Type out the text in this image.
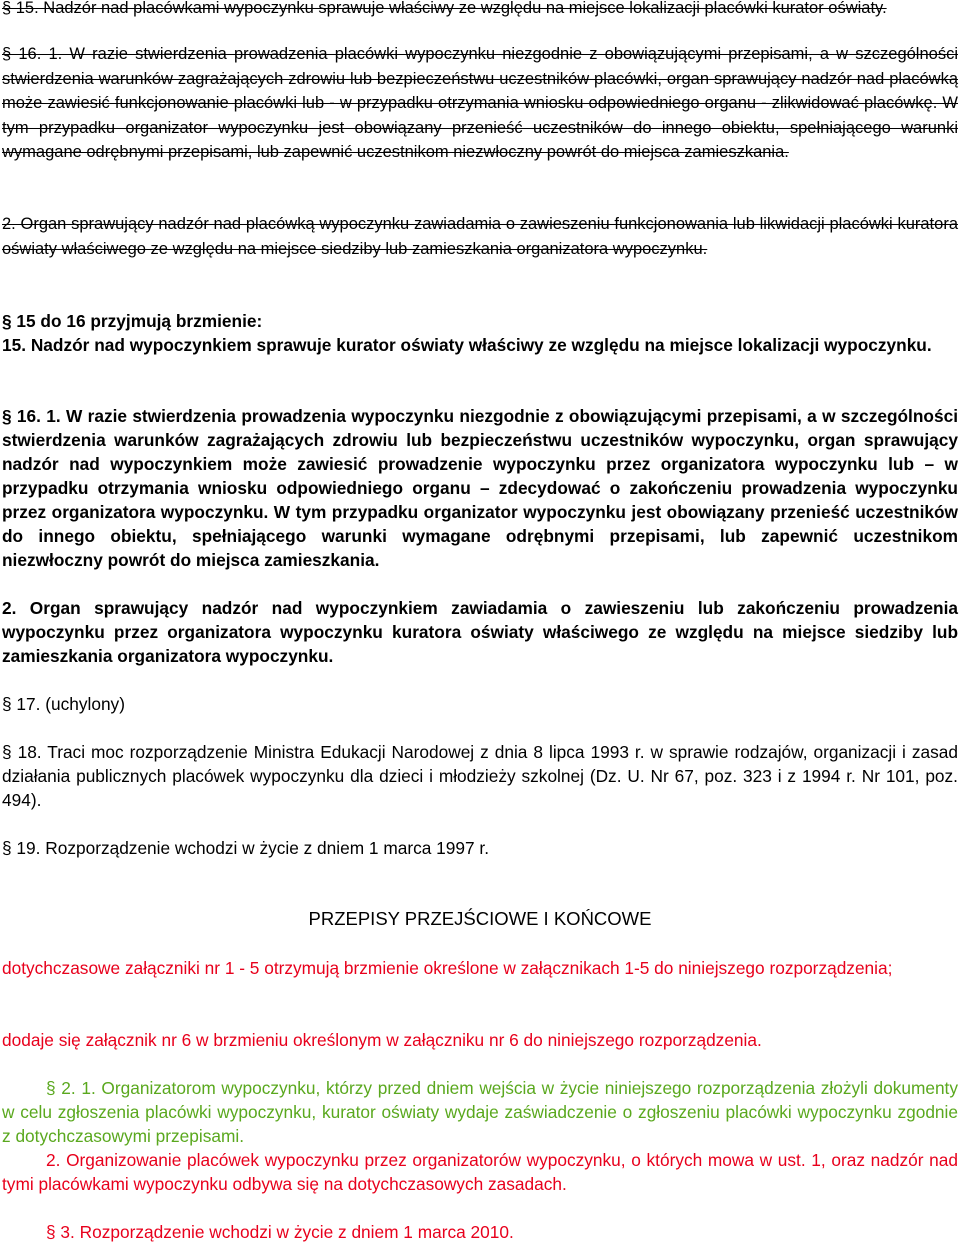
§ 15. Nadzór nad placówkami wypoczynku sprawuje właściwy ze względu na miejsce lokalizacji placówki kurator oświaty.

§ 16. 1. W razie stwierdzenia prowadzenia placówki wypoczynku niezgodnie z obowiązującymi przepisami, a w szczególności stwierdzenia warunków zagrażających zdrowiu lub bezpieczeństwu uczestników placówki, organ sprawujący nadzór nad placówką może zawiesić funkcjonowanie placówki lub - w przypadku otrzymania wniosku odpowiedniego organu - zlikwidować placówkę. W tym przypadku organizator wypoczynku jest obowiązany przenieść uczestników do innego obiektu, spełniającego warunki wymagane odrębnymi przepisami, lub zapewnić uczestnikom niezwłoczny powrót do miejsca zamieszkania.

2. Organ sprawujący nadzór nad placówką wypoczynku zawiadamia o zawieszeniu funkcjonowania lub likwidacji placówki kuratora oświaty właściwego ze względu na miejsce siedziby lub zamieszkania organizatora wypoczynku.

§ 15 do 16 przyjmują brzmienie:

15. Nadzór nad wypoczynkiem sprawuje kurator oświaty właściwy ze względu na miejsce lokalizacji wypoczynku.

§ 16. 1. W razie stwierdzenia prowadzenia wypoczynku niezgodnie z obowiązującymi przepisami, a w szczególności stwierdzenia warunków zagrażających zdrowiu lub bezpieczeństwu uczestników wypoczynku, organ sprawujący nadzór nad wypoczynkiem może zawiesić prowadzenie wypoczynku przez organizatora wypoczynku lub – w przypadku otrzymania wniosku odpowiedniego organu – zdecydować o zakończeniu prowadzenia wypoczynku przez organizatora wypoczynku. W tym przypadku organizator wypoczynku jest obowiązany przenieść uczestników do innego obiektu, spełniającego warunki wymagane odrębnymi przepisami, lub zapewnić uczestnikom niezwłoczny powrót do miejsca zamieszkania.

2. Organ sprawujący nadzór nad wypoczynkiem zawiadamia o zawieszeniu lub zakończeniu prowadzenia wypoczynku przez organizatora wypoczynku kuratora oświaty właściwego ze względu na miejsce siedziby lub zamieszkania organizatora wypoczynku.

§ 17. (uchylony)

§ 18. Traci moc rozporządzenie Ministra Edukacji Narodowej z dnia 8 lipca 1993 r. w sprawie rodzajów, organizacji i zasad działania publicznych placówek wypoczynku dla dzieci i młodzieży szkolnej (Dz. U. Nr 67, poz. 323 i z 1994 r. Nr 101, poz. 494).

§ 19. Rozporządzenie wchodzi w życie z dniem 1 marca 1997 r.

PRZEPISY PRZEJŚCIOWE I KOŃCOWE

dotychczasowe załączniki nr 1 - 5 otrzymują brzmienie określone w załącznikach 1-5 do niniejszego rozporządzenia;

dodaje się załącznik nr 6 w brzmieniu określonym w załączniku nr 6 do niniejszego rozporządzenia.

§ 2. 1. Organizatorom wypoczynku, którzy przed dniem wejścia w życie niniejszego rozporządzenia złożyli dokumenty w celu zgłoszenia placówki wypoczynku, kurator oświaty wydaje zaświadczenie o zgłoszeniu placówki wypoczynku zgodnie z dotychczasowymi przepisami.

2. Organizowanie placówek wypoczynku przez organizatorów wypoczynku, o których mowa w ust. 1, oraz nadzór nad tymi placówkami wypoczynku odbywa się na dotychczasowych zasadach.

§ 3. Rozporządzenie wchodzi w życie z dniem 1 marca 2010.
